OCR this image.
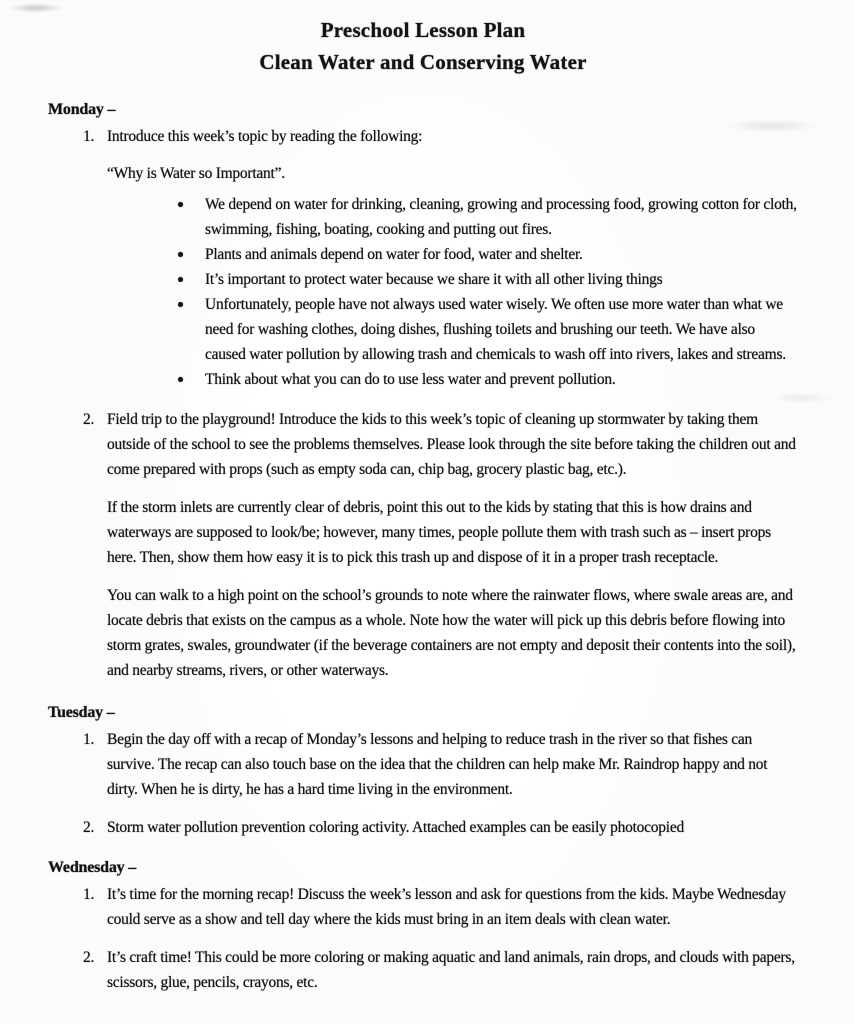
Preschool Lesson Plan
Clean Water and Conserving Water
Monday –
1. Introduce this week’s topic by reading the following:
“Why is Water so Important”.
We depend on water for drinking, cleaning, growing and processing food, growing cotton for cloth, swimming, fishing, boating, cooking and putting out fires.
Plants and animals depend on water for food, water and shelter.
It’s important to protect water because we share it with all other living things
Unfortunately, people have not always used water wisely. We often use more water than what we need for washing clothes, doing dishes, flushing toilets and brushing our teeth. We have also caused water pollution by allowing trash and chemicals to wash off into rivers, lakes and streams.
Think about what you can do to use less water and prevent pollution.
2. Field trip to the playground! Introduce the kids to this week’s topic of cleaning up stormwater by taking them outside of the school to see the problems themselves. Please look through the site before taking the children out and come prepared with props (such as empty soda can, chip bag, grocery plastic bag, etc.).
If the storm inlets are currently clear of debris, point this out to the kids by stating that this is how drains and waterways are supposed to look/be; however, many times, people pollute them with trash such as – insert props here. Then, show them how easy it is to pick this trash up and dispose of it in a proper trash receptacle.
You can walk to a high point on the school’s grounds to note where the rainwater flows, where swale areas are, and locate debris that exists on the campus as a whole. Note how the water will pick up this debris before flowing into storm grates, swales, groundwater (if the beverage containers are not empty and deposit their contents into the soil), and nearby streams, rivers, or other waterways.
Tuesday –
1. Begin the day off with a recap of Monday’s lessons and helping to reduce trash in the river so that fishes can survive. The recap can also touch base on the idea that the children can help make Mr. Raindrop happy and not dirty. When he is dirty, he has a hard time living in the environment.
2. Storm water pollution prevention coloring activity. Attached examples can be easily photocopied
Wednesday –
1. It’s time for the morning recap! Discuss the week’s lesson and ask for questions from the kids. Maybe Wednesday could serve as a show and tell day where the kids must bring in an item deals with clean water.
2. It’s craft time! This could be more coloring or making aquatic and land animals, rain drops, and clouds with papers, scissors, glue, pencils, crayons, etc.
